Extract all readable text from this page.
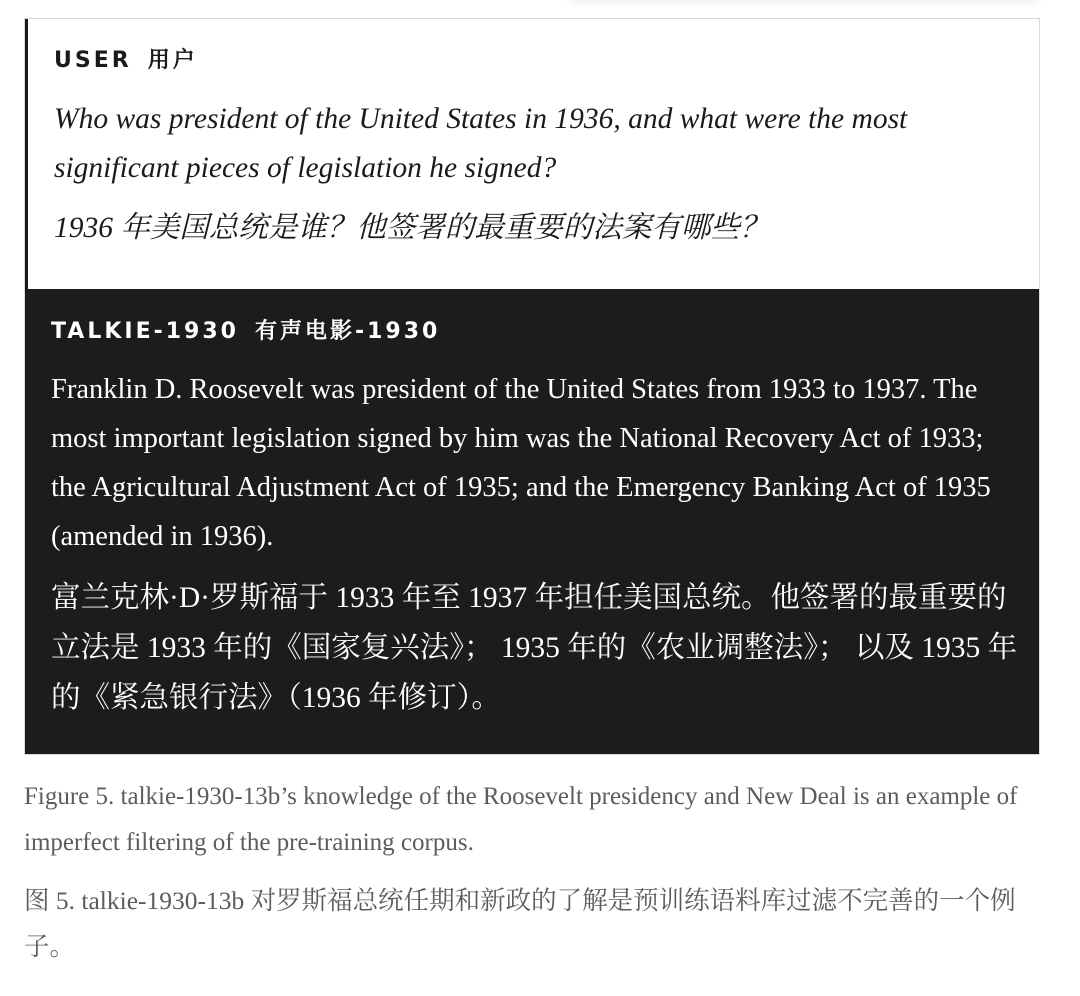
USER 用户

Who was president of the United States in 1936, and what were the most significant pieces of legislation he signed?

1936 年美国总统是谁？他签署的最重要的法案有哪些？

TALKIE-1930 有声电影-1930

Franklin D. Roosevelt was president of the United States from 1933 to 1937. The most important legislation signed by him was the National Recovery Act of 1933; the Agricultural Adjustment Act of 1935; and the Emergency Banking Act of 1935 (amended in 1936).

富兰克林·D·罗斯福于 1933 年至 1937 年担任美国总统。他签署的最重要的立法是 1933 年的《国家复兴法》； 1935 年的《农业调整法》； 以及 1935 年的《紧急银行法》（1936 年修订）。

Figure 5. talkie-1930-13b’s knowledge of the Roosevelt presidency and New Deal is an example of imperfect filtering of the pre-training corpus.

图 5. talkie-1930-13b 对罗斯福总统任期和新政的了解是预训练语料库过滤不完善的一个例子。
